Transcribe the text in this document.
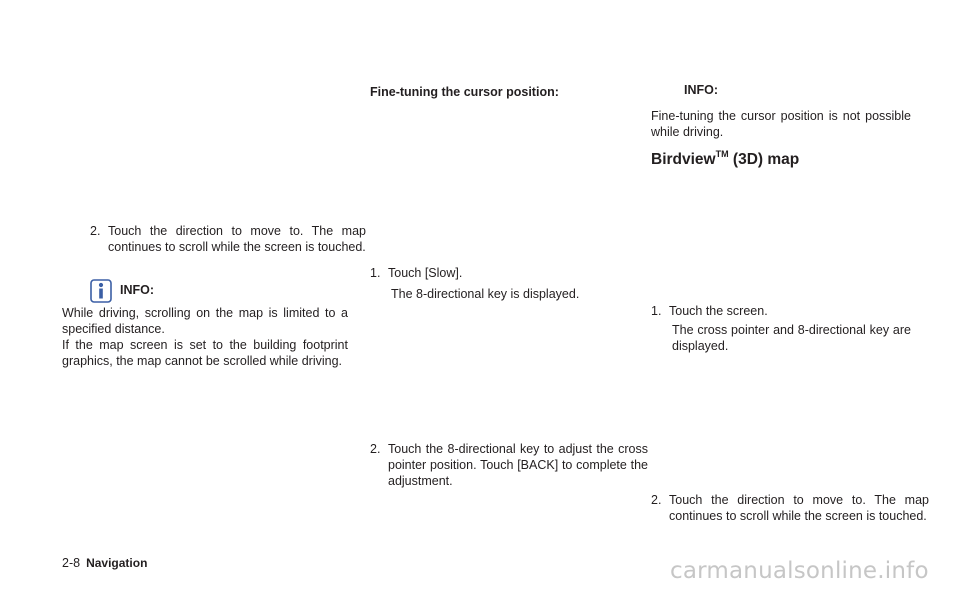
2. Touch the direction to move to. The map continues to scroll while the screen is touched.
INFO:
While driving, scrolling on the map is limited to a specified distance.
If the map screen is set to the building footprint graphics, the map cannot be scrolled while driving.
Fine-tuning the cursor position:
1. Touch [Slow].
The 8-directional key is displayed.
2. Touch the 8-directional key to adjust the cross pointer position. Touch [BACK] to complete the adjustment.
INFO:
Fine-tuning the cursor position is not possible while driving.
Birdview™ (3D) map
1. Touch the screen.
The cross pointer and 8-directional key are displayed.
2. Touch the direction to move to. The map continues to scroll while the screen is touched.
2-8 Navigation	carmanualsonline.info
